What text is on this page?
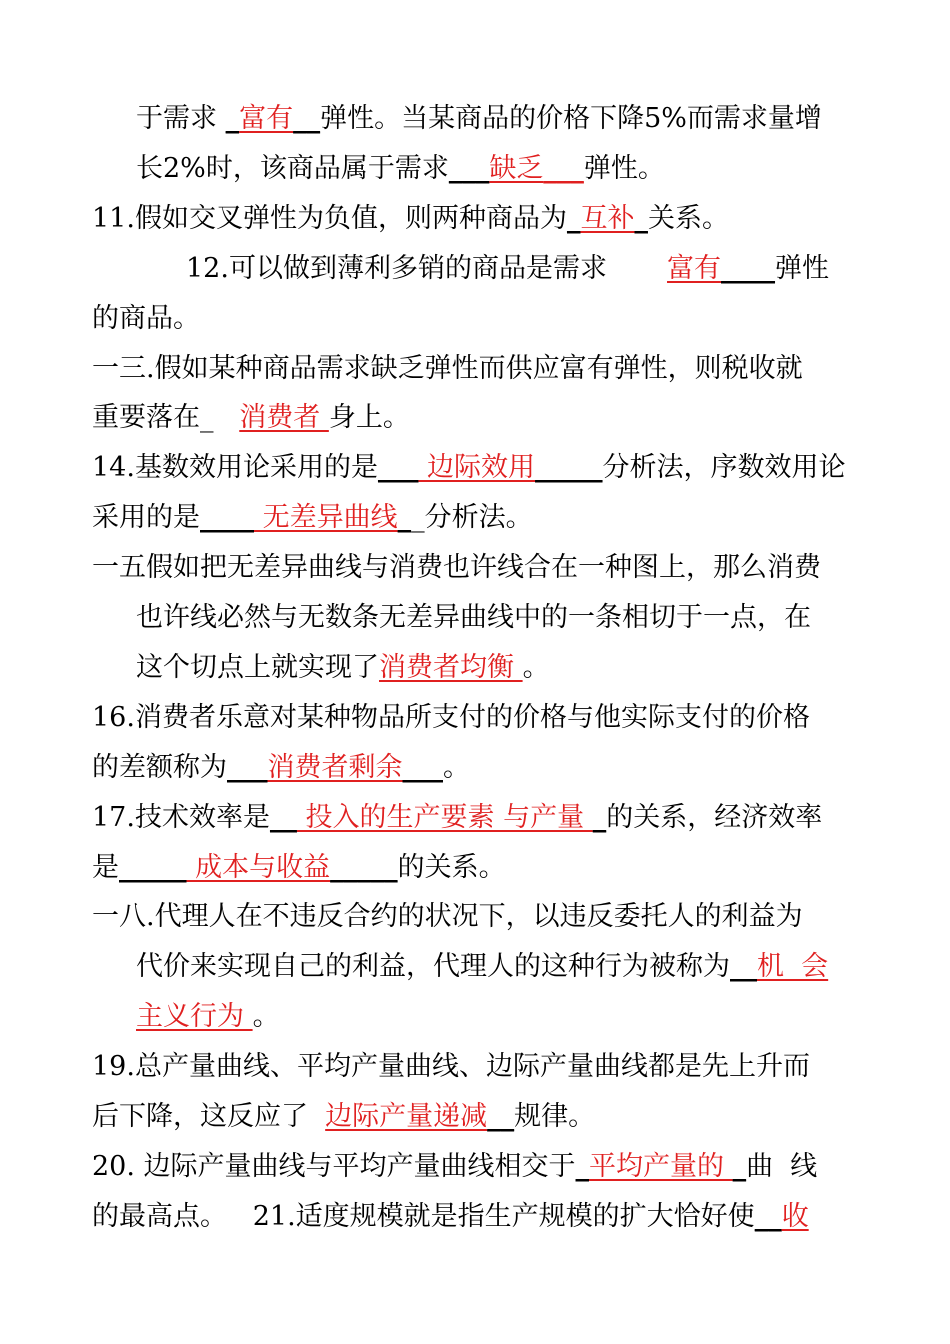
于需求 _富有__弹性。当某商品的价格下降5%而需求量增
长2%时，该商品属于需求___缺乏___弹性。
11.假如交叉弹性为负值，则两种商品为_互补_关系。
12.可以做到薄利多销的商品是需求       富有____弹性
的商品。
一三.假如某种商品需求缺乏弹性而供应富有弹性，则税收就
重要落在_   消费者 身上。
14.基数效用论采用的是___ 边际效用_____分析法，序数效用论
采用的是____ 无差异曲线__分析法。
一五假如把无差异曲线与消费也许线合在一种图上，那么消费
也许线必然与无数条无差异曲线中的一条相切于一点，在
这个切点上就实现了消费者均衡 。
16.消费者乐意对某种物品所支付的价格与他实际支付的价格
的差额称为___消费者剩余___。
17.技术效率是__ 投入的生产要素 与产量 _的关系，经济效率
是_____ 成本与收益_____的关系。
一八.代理人在不违反合约的状况下，以违反委托人的利益为
代价来实现自己的利益，代理人的这种行为被称为__机  会
主义行为 。
19.总产量曲线、平均产量曲线、边际产量曲线都是先上升而
后下降，这反应了  边际产量递减__规律。
20. 边际产量曲线与平均产量曲线相交于_平均产量的 _曲  线
的最高点。   21.适度规模就是指生产规模的扩大恰好使__收
